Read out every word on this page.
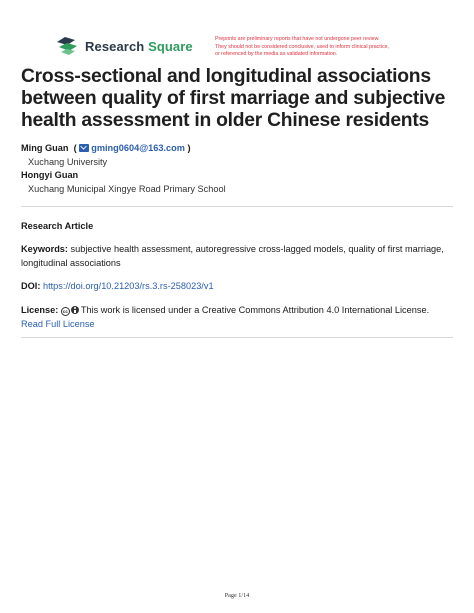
Research Square	Preprints are preliminary reports that have not undergone peer review.
They should not be considered conclusive, used to inform clinical practice,
or referenced by the media as validated information.
Cross-sectional and longitudinal associations
between quality of first marriage and subjective
health assessment in older Chinese residents
Ming Guan ( gming0604@163.com )
Xuchang University
Hongyi Guan
Xuchang Municipal Xingye Road Primary School
Research Article
Keywords: subjective health assessment, autoregressive cross-lagged models, quality of first marriage,
longitudinal associations
DOI: https://doi.org/10.21203/rs.3.rs-258023/v1
License: cc This work is licensed under a Creative Commons Attribution 4.0 International License.
Read Full License
Page 1/14
